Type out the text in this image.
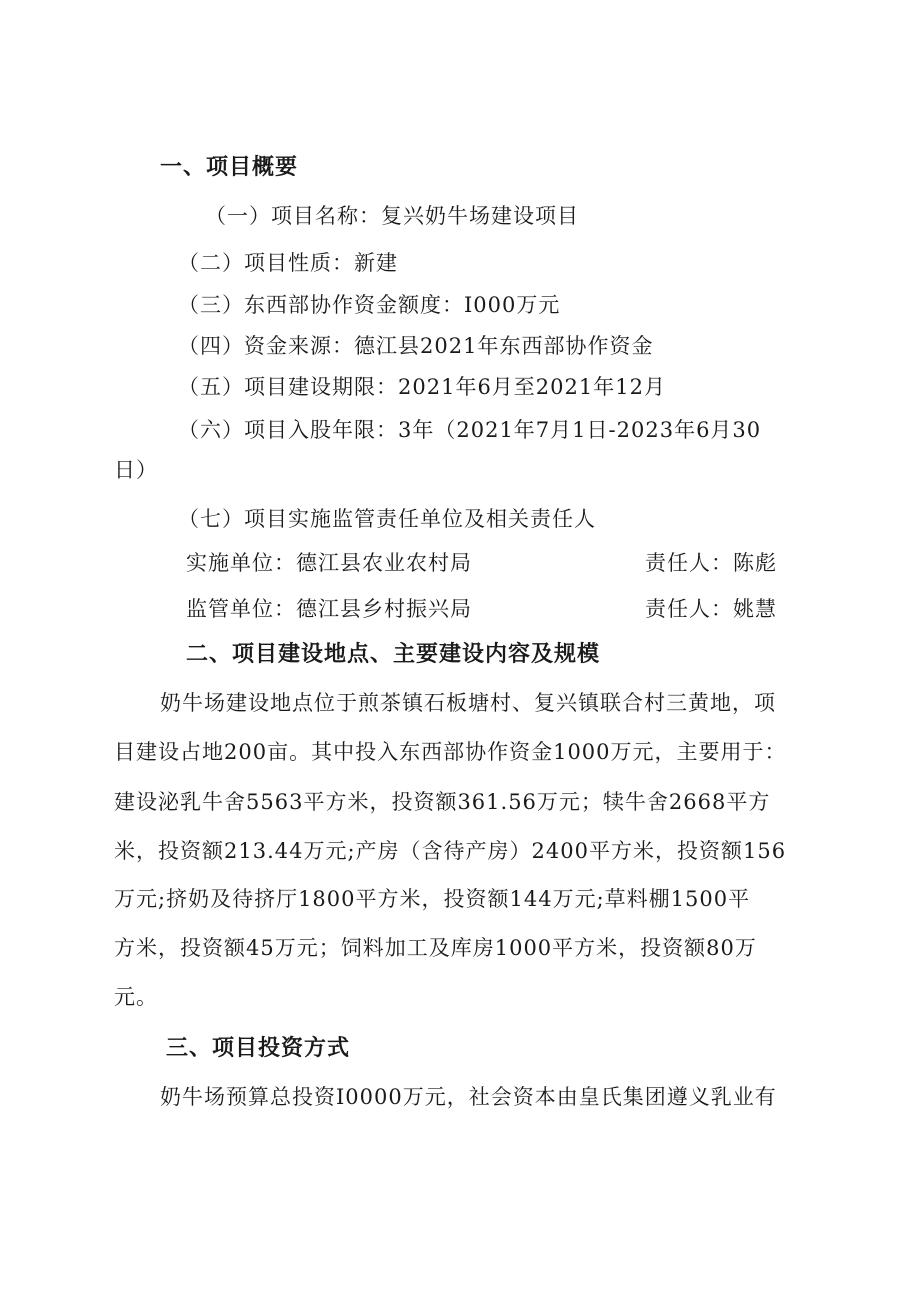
一、项目概要
（一）项目名称：复兴奶牛场建设项目
（二）项目性质：新建
（三）东西部协作资金额度：I000万元
（四）资金来源：德江县2021年东西部协作资金
（五）项目建设期限：2021年6月至2021年12月
（六）项目入股年限：3年（2021年7月1日-2023年6月30
日）
（七）项目实施监管责任单位及相关责任人
实施单位：德江县农业农村局	责任人：陈彪
监管单位：德江县乡村振兴局	责任人：姚慧
二、项目建设地点、主要建设内容及规模
奶牛场建设地点位于煎茶镇石板塘村、复兴镇联合村三黄地，项
目建设占地200亩。其中投入东西部协作资金1000万元，主要用于：
建设泌乳牛舍5563平方米，投资额361.56万元；犊牛舍2668平方
米，投资额213.44万元;产房（含待产房）2400平方米，投资额156
万元;挤奶及待挤厅1800平方米，投资额144万元;草料棚1500平
方米，投资额45万元；饲料加工及库房1000平方米，投资额80万
元。
三、项目投资方式
奶牛场预算总投资I0000万元，社会资本由皇氏集团遵义乳业有
